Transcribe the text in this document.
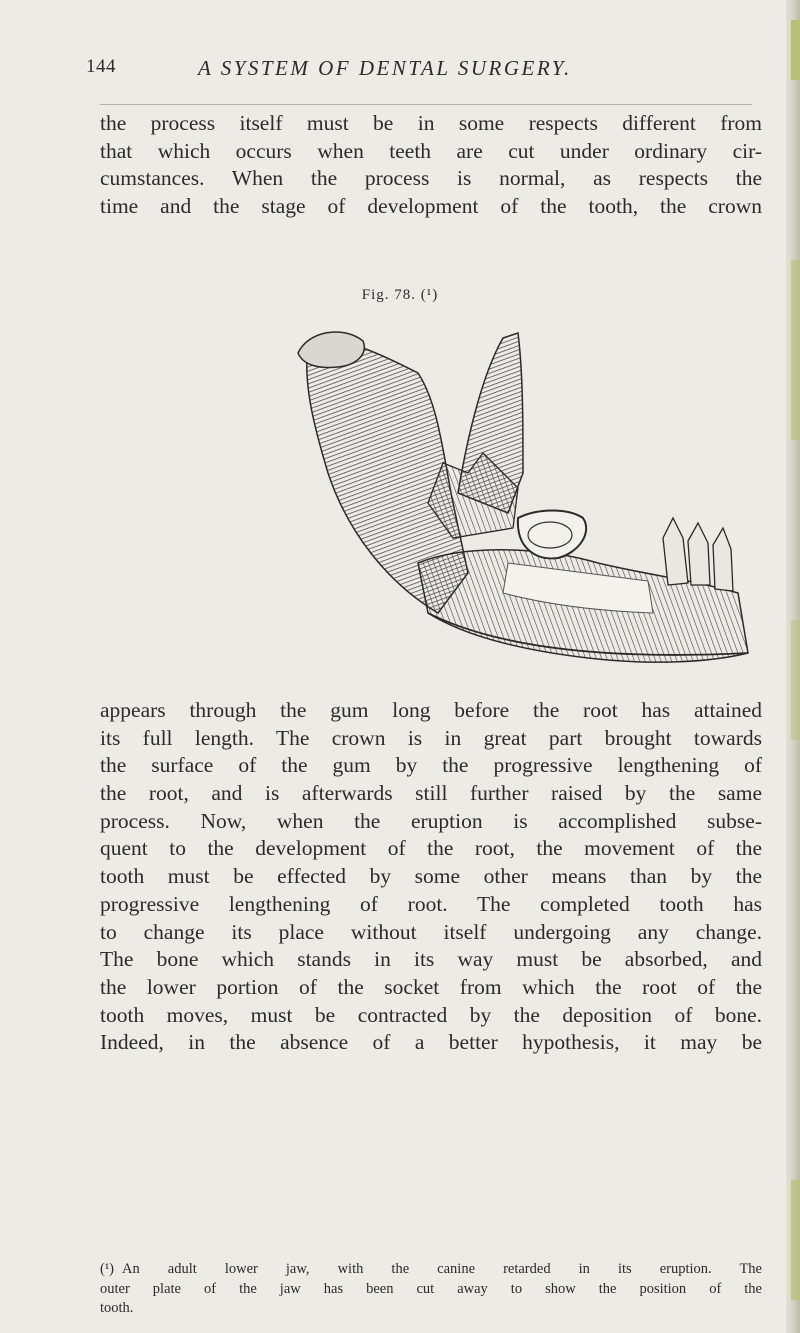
144	A SYSTEM OF DENTAL SURGERY.
the process itself must be in some respects different from
that which occurs when teeth are cut under ordinary cir-
cumstances. When the process is normal, as respects the
time and the stage of development of the tooth, the crown
Fig. 78. (¹)
appears through the gum long before the root has attained
its full length. The crown is in great part brought towards
the surface of the gum by the progressive lengthening of
the root, and is afterwards still further raised by the same
process. Now, when the eruption is accomplished subse-
quent to the development of the root, the movement of the
tooth must be effected by some other means than by the
progressive lengthening of root. The completed tooth has
to change its place without itself undergoing any change.
The bone which stands in its way must be absorbed, and
the lower portion of the socket from which the root of the
tooth moves, must be contracted by the deposition of bone.
Indeed, in the absence of a better hypothesis, it may be
(¹) An adult lower jaw, with the canine retarded in its eruption. The
outer plate of the jaw has been cut away to show the position of the
tooth.
